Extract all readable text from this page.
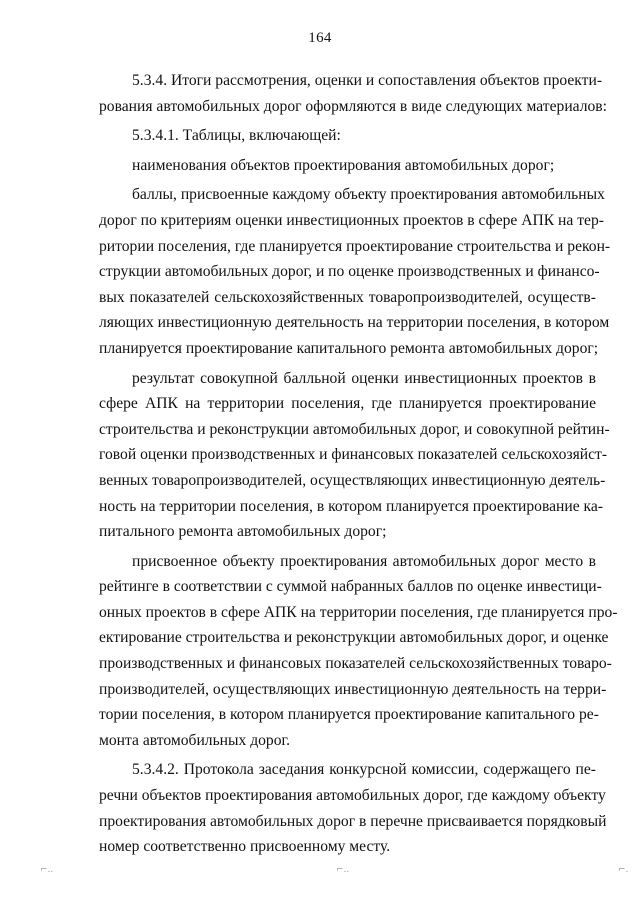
164
5.3.4. Итоги рассмотрения, оценки и сопоставления объектов проекти-
рования автомобильных дорог оформляются в виде следующих материалов:
5.3.4.1. Таблицы, включающей:
наименования объектов проектирования автомобильных дорог;
баллы, присвоенные каждому объекту проектирования автомобильных
дорог по критериям оценки инвестиционных проектов в сфере АПК на тер-
ритории поселения, где планируется проектирование строительства и рекон-
струкции автомобильных дорог, и по оценке производственных и финансо-
вых показателей сельскохозяйственных товаропроизводителей, осуществ-
ляющих инвестиционную деятельность на территории поселения, в котором
планируется проектирование капитального ремонта автомобильных дорог;
результат совокупной балльной оценки инвестиционных проектов в
сфере АПК на территории поселения, где планируется проектирование
строительства и реконструкции автомобильных дорог, и совокупной рейтин-
говой оценки производственных и финансовых показателей сельскохозяйст-
венных товаропроизводителей, осуществляющих инвестиционную деятель-
ность на территории поселения, в котором планируется проектирование ка-
питального ремонта автомобильных дорог;
присвоенное объекту проектирования автомобильных дорог место в
рейтинге в соответствии с суммой набранных баллов по оценке инвестици-
онных проектов в сфере АПК на территории поселения, где планируется про-
ектирование строительства и реконструкции автомобильных дорог, и оценке
производственных и финансовых показателей сельскохозяйственных товаро-
производителей, осуществляющих инвестиционную деятельность на терри-
тории поселения, в котором планируется проектирование капитального ре-
монта автомобильных дорог.
5.3.4.2. Протокола заседания конкурсной комиссии, содержащего пе-
речни объектов проектирования автомобильных дорог, где каждому объекту
проектирования автомобильных дорог в перечне присваивается порядковый
номер соответственно присвоенному месту.
⌐..	⌐..	⌐.
